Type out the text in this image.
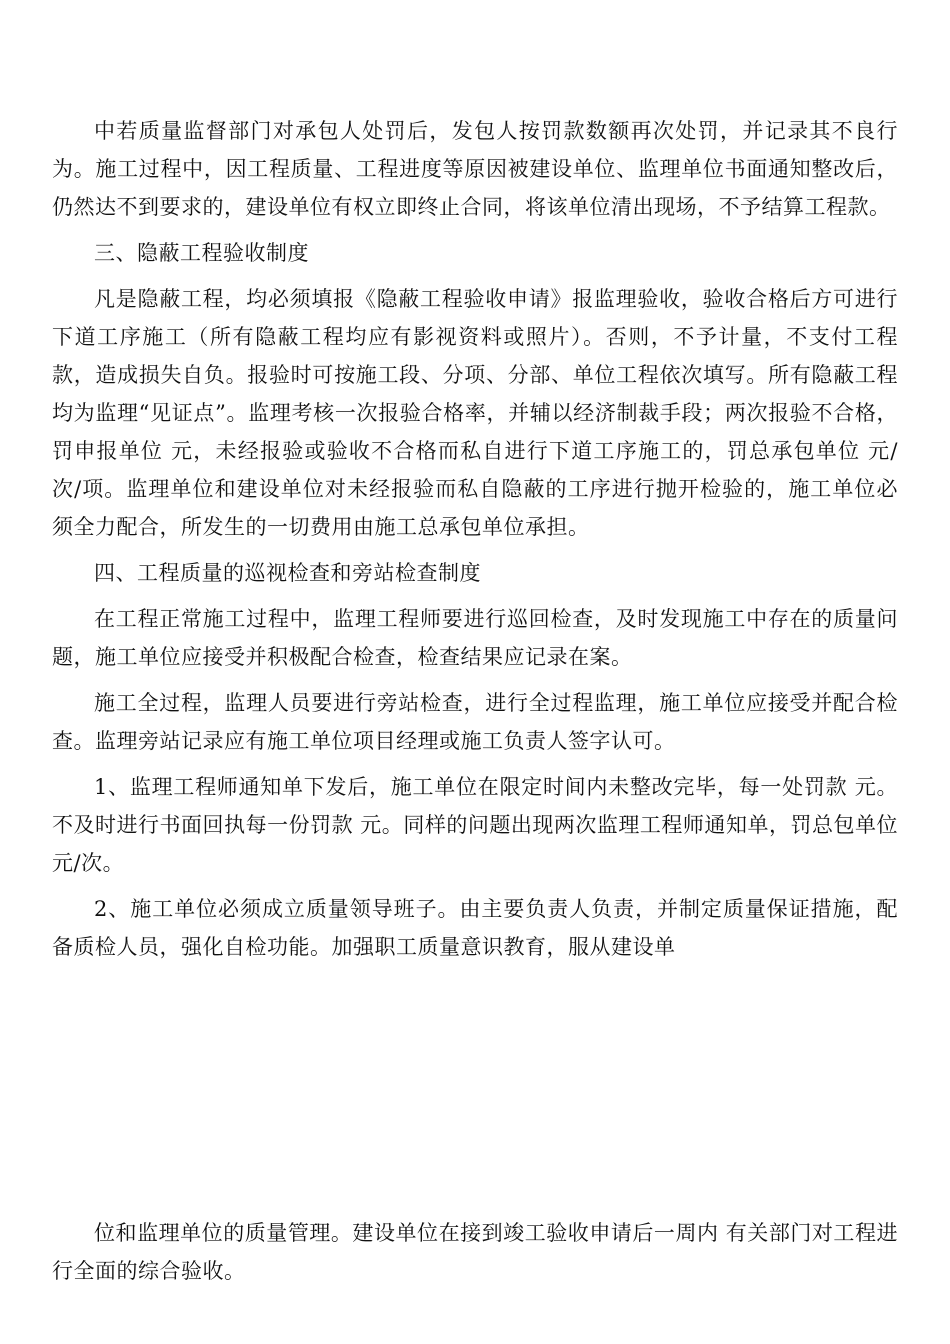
中若质量监督部门对承包人处罚后，发包人按罚款数额再次处罚，并记录其不良行为。施工过程中，因工程质量、工程进度等原因被建设单位、监理单位书面通知整改后，仍然达不到要求的，建设单位有权立即终止合同，将该单位清出现场，不予结算工程款。

三、隐蔽工程验收制度

凡是隐蔽工程，均必须填报《隐蔽工程验收申请》报监理验收，验收合格后方可进行下道工序施工（所有隐蔽工程均应有影视资料或照片）。否则，不予计量，不支付工程款，造成损失自负。报验时可按施工段、分项、分部、单位工程依次填写。所有隐蔽工程均为监理“见证点”。监理考核一次报验合格率，并辅以经济制裁手段；两次报验不合格，罚申报单位 元，未经报验或验收不合格而私自进行下道工序施工的，罚总承包单位 元/次/项。监理单位和建设单位对未经报验而私自隐蔽的工序进行抛开检验的，施工单位必须全力配合，所发生的一切费用由施工总承包单位承担。

四、工程质量的巡视检查和旁站检查制度

在工程正常施工过程中，监理工程师要进行巡回检查，及时发现施工中存在的质量问题，施工单位应接受并积极配合检查，检查结果应记录在案。

施工全过程，监理人员要进行旁站检查，进行全过程监理，施工单位应接受并配合检查。监理旁站记录应有施工单位项目经理或施工负责人签字认可。

1、监理工程师通知单下发后，施工单位在限定时间内未整改完毕，每一处罚款 元。不及时进行书面回执每一份罚款 元。同样的问题出现两次监理工程师通知单，罚总包单位 元/次。

2、施工单位必须成立质量领导班子。由主要负责人负责，并制定质量保证措施，配备质检人员，强化自检功能。加强职工质量意识教育，服从建设单

位和监理单位的质量管理。建设单位在接到竣工验收申请后一周内 有关部门对工程进行全面的综合验收。
